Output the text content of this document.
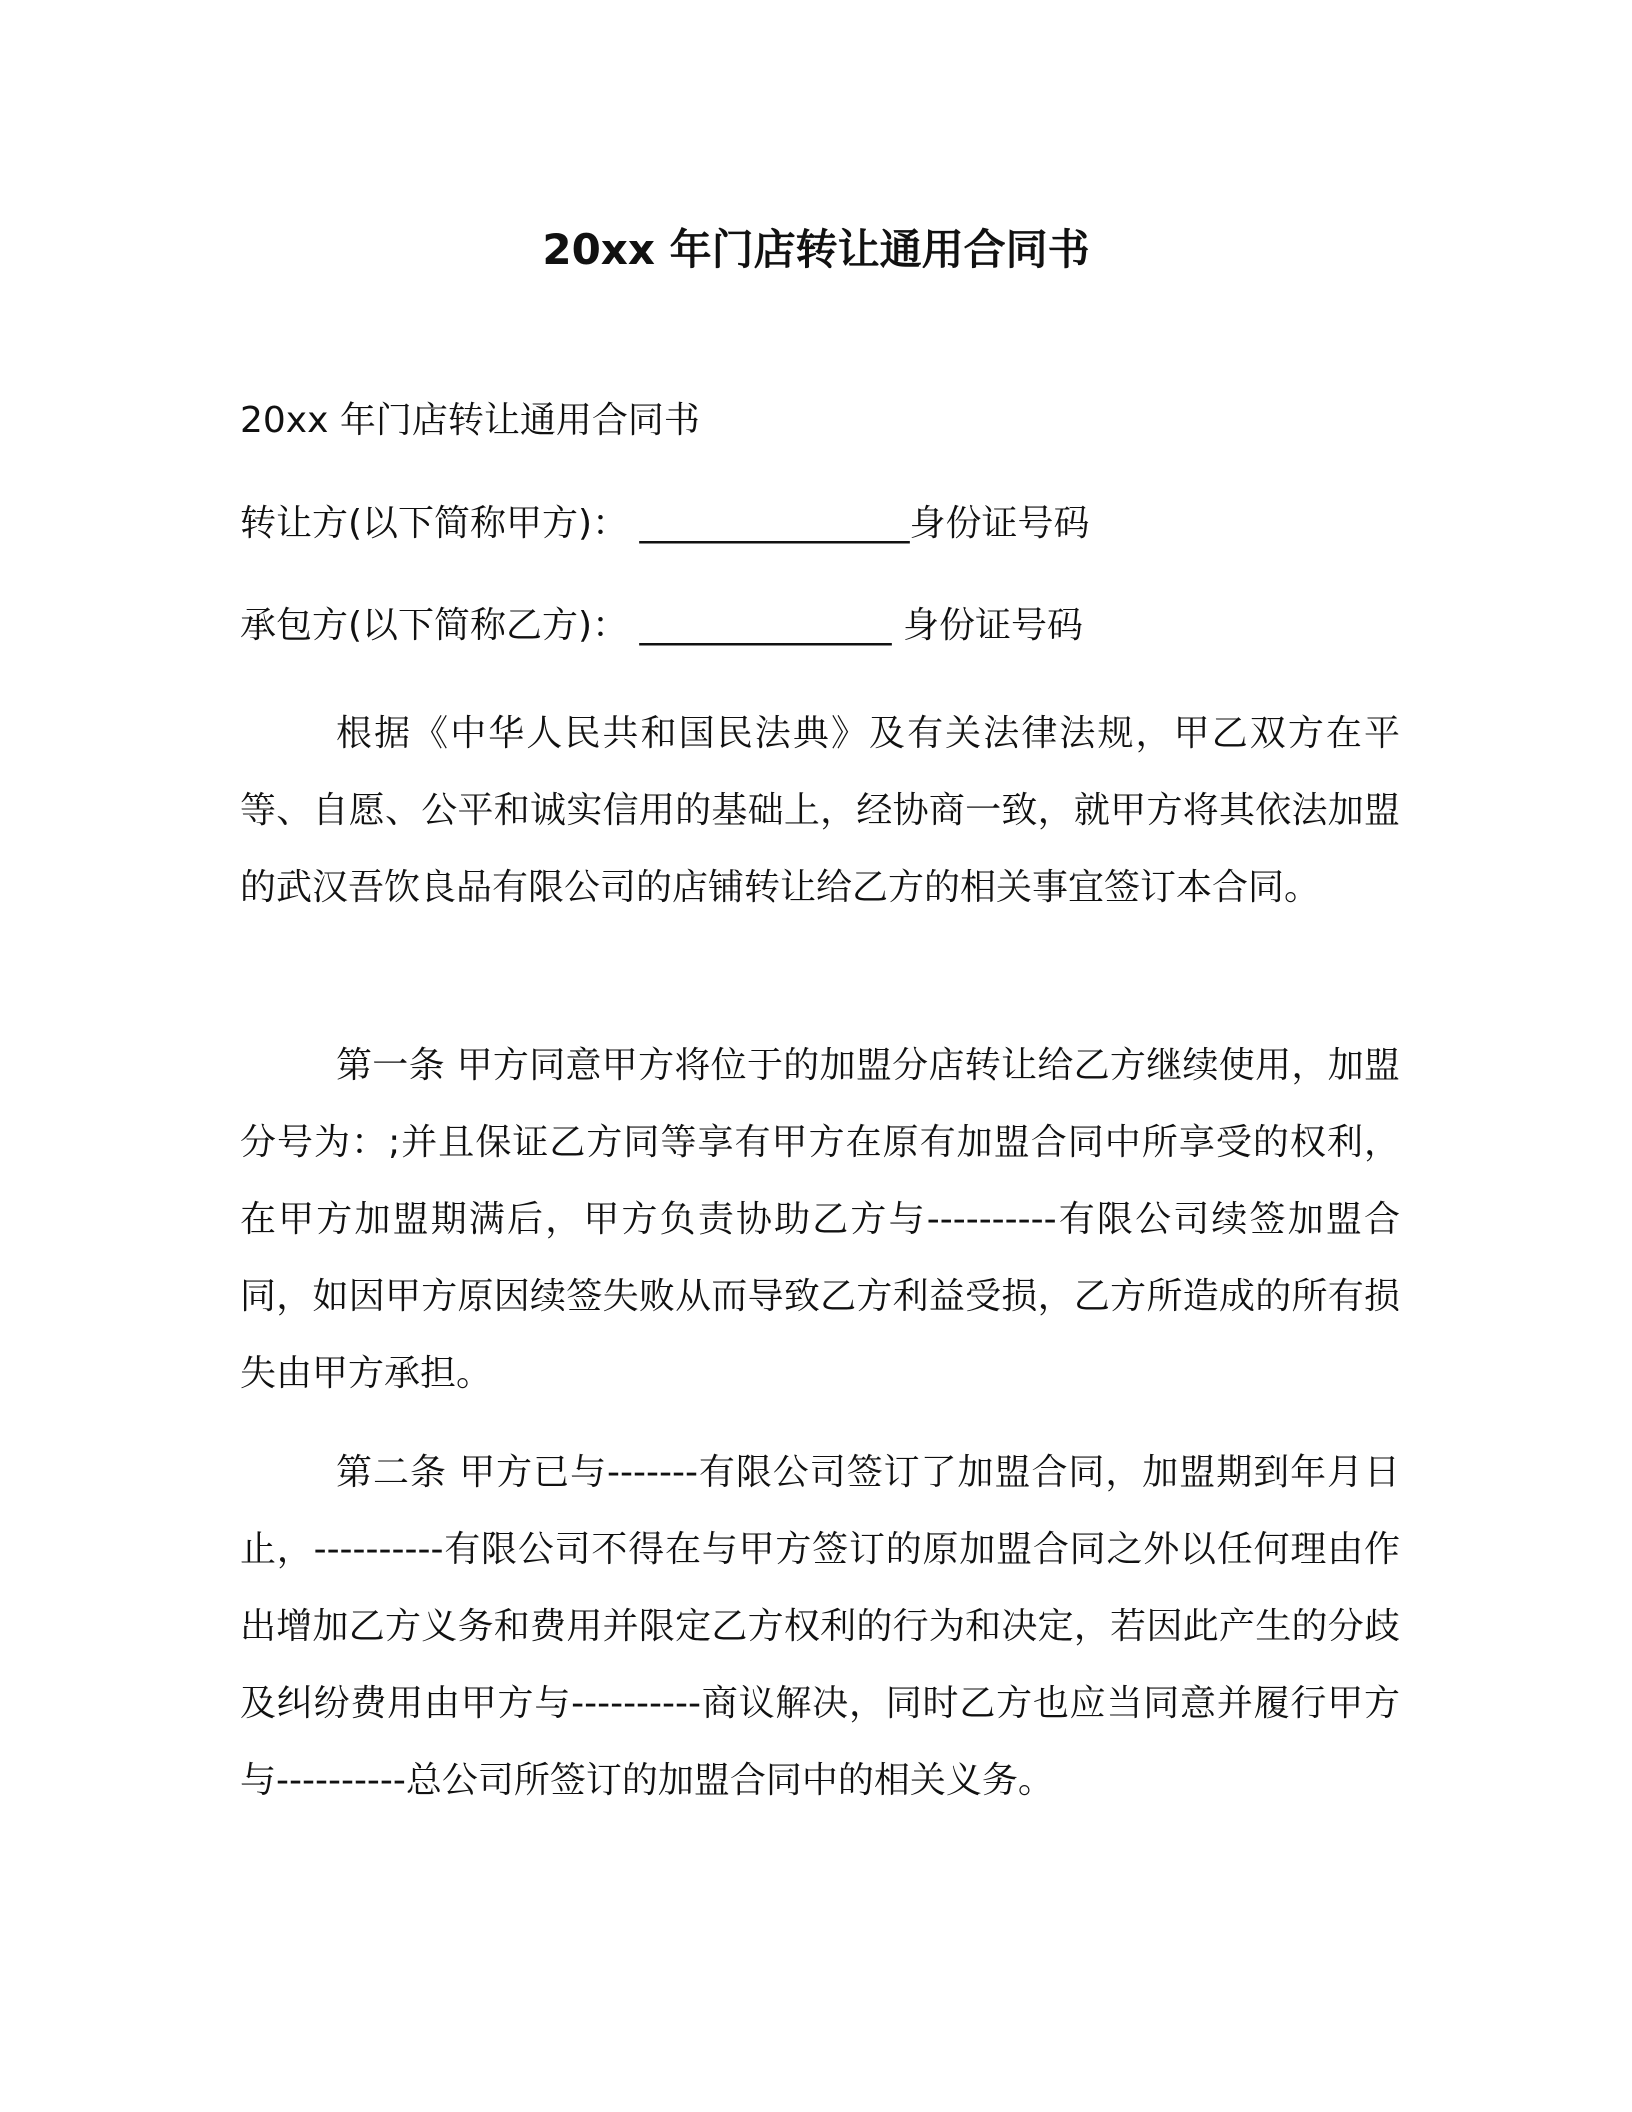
20xx 年门店转让通用合同书
20xx 年门店转让通用合同书
转让方(以下简称甲方)： _______________身份证号码
承包方(以下简称乙方)： ______________ 身份证号码

根据《中华人民共和国民法典》及有关法律法规，甲乙双方在平等、自愿、公平和诚实信用的基础上，经协商一致，就甲方将其依法加盟的武汉吾饮良品有限公司的店铺转让给乙方的相关事宜签订本合同。

第一条 甲方同意甲方将位于的加盟分店转让给乙方继续使用，加盟分号为：;并且保证乙方同等享有甲方在原有加盟合同中所享受的权利，在甲方加盟期满后，甲方负责协助乙方与----------有限公司续签加盟合同，如因甲方原因续签失败从而导致乙方利益受损，乙方所造成的所有损失由甲方承担。

第二条 甲方已与-------有限公司签订了加盟合同，加盟期到年月日止，----------有限公司不得在与甲方签订的原加盟合同之外以任何理由作出增加乙方义务和费用并限定乙方权利的行为和决定，若因此产生的分歧及纠纷费用由甲方与----------商议解决，同时乙方也应当同意并履行甲方与----------总公司所签订的加盟合同中的相关义务。
